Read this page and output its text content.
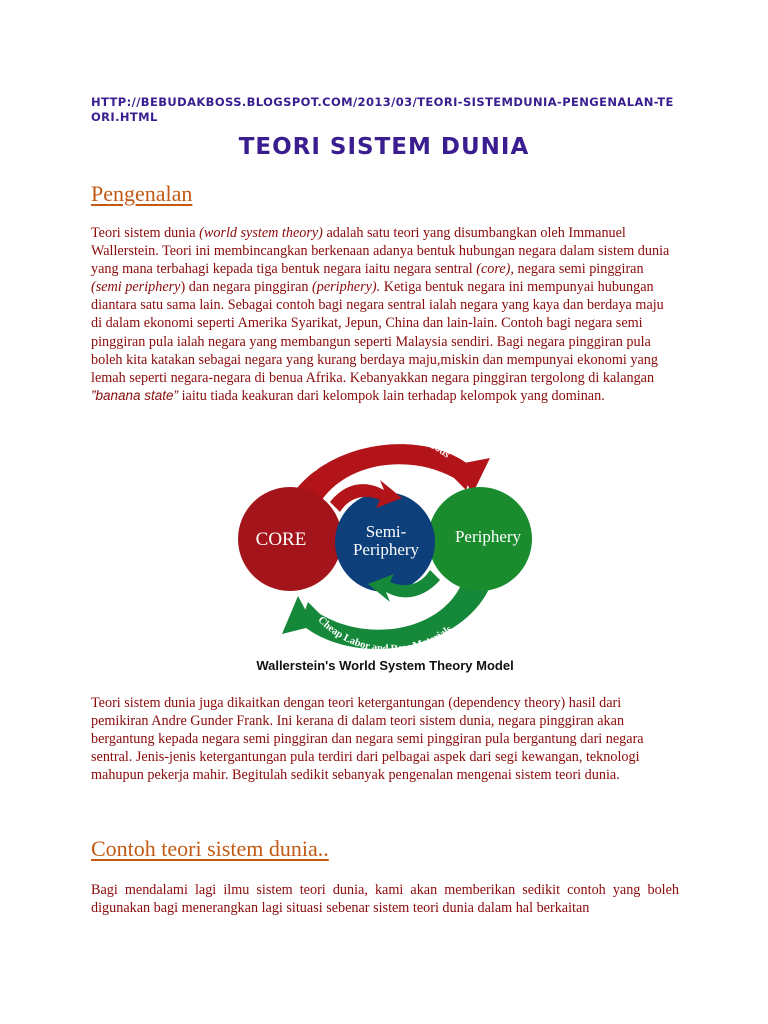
HTTP://BEBUDAKBOSS.BLOGSPOT.COM/2013/03/TEORI-SISTEMDUNIA-PENGENALAN-TEORI.HTML
TEORI SISTEM DUNIA
Pengenalan
Teori sistem dunia (world system theory) adalah satu teori yang disumbangkan oleh Immanuel Wallerstein. Teori ini membincangkan berkenaan adanya bentuk hubungan negara dalam sistem dunia yang mana terbahagi kepada tiga bentuk negara iaitu negara sentral (core), negara semi pinggiran (semi periphery) dan negara pinggiran (periphery). Ketiga bentuk negara ini mempunyai hubungan diantara satu sama lain. Sebagai contoh bagi negara sentral ialah negara yang kaya dan berdaya maju di dalam ekonomi seperti Amerika Syarikat, Jepun, China dan lain-lain. Contoh bagi negara semi pinggiran pula ialah negara yang membangun seperti Malaysia sendiri. Bagi negara pinggiran pula boleh kita katakan sebagai negara yang kurang berdaya maju,miskin dan mempunyai ekonomi yang lemah seperti negara-negara di benua Afrika. Kebanyakkan negara pinggiran tergolong di kalangan ”banana state” iaitu tiada keakuran dari kelompok lain terhadap kelompok yang dominan.
CORE	Semi-
Periphery
Periphery
High Profit Consumption Goods
Cheap Labor and Raw Materials
Wallerstein's World System Theory Model
Teori sistem dunia juga dikaitkan dengan teori ketergantungan (dependency theory) hasil dari pemikiran Andre Gunder Frank. Ini kerana di dalam teori sistem dunia, negara pinggiran akan bergantung kepada negara semi pinggiran dan negara semi pinggiran pula bergantung dari negara sentral. Jenis-jenis ketergantungan pula terdiri dari pelbagai aspek dari segi kewangan, teknologi mahupun pekerja mahir. Begitulah sedikit sebanyak pengenalan mengenai sistem teori dunia.
Contoh teori sistem dunia..
Bagi mendalami lagi ilmu sistem teori dunia, kami akan memberikan sedikit contoh yang boleh digunakan bagi menerangkan lagi situasi sebenar sistem teori dunia dalam hal berkaitan
